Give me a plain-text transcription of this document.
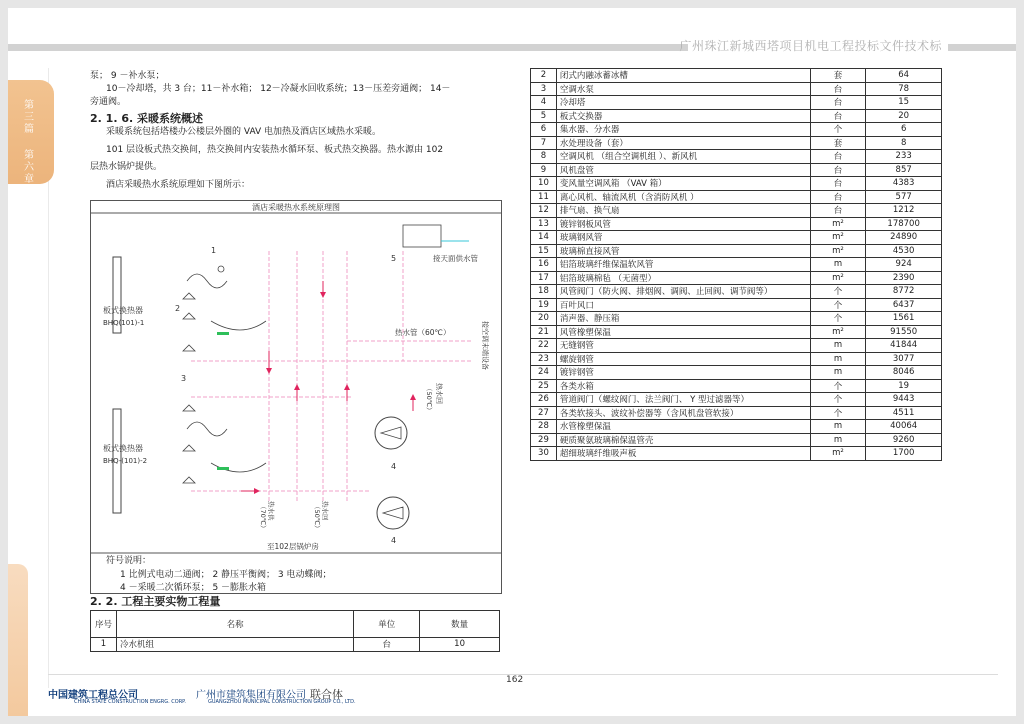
广州珠江新城西塔项目机电工程投标文件技术标
第三篇
第六章
泵； 9 －补水泵；
10－冷却塔，共 3 台；11－补水箱； 12－冷凝水回收系统；13－压差旁通阀； 14－
旁通阀。
2. 1. 6. 采暖系统概述
采暖系统包括塔楼办公楼层外圈的 VAV 电加热及酒店区域热水采暖。
101 层设板式热交换间，热交换间内安装热水循环泵、板式热交换器。热水源由 102
层热水锅炉提供。
酒店采暖热水系统原理如下图所示：
酒店采暖热水系统原理图
板式换热器
BHQ(101)-1
板式换热器
BHQ-(101)-2
接天面供水管
热水管（60℃）	接空调末端设备
热水回
（50℃）
热水供
（70℃）	热水回
（50℃）
至102层锅炉房
1
2
3
4
4
5
符号说明：
1 比例式电动二通阀； 2 静压平衡阀； 3 电动蝶阀；
4 －采暖二次循环泵； 5 －膨胀水箱
2. 2. 工程主要实物工程量
序号	名称	单位	数量
1	冷水机组	台	10
2	闭式内融冰蓄冰槽	套	64
3	空调水泵	台	78
4	冷却塔	台	15
5	板式交换器	台	20
6	集水器、分水器	个	6
7	水处理设备（套）	套	8
8	空调风机 （组合空调机组 ）、新风机	台	233
9	风机盘管	台	857
10	变风量空调风箱 （VAV 箱）	台	4383
11	离心风机、轴流风机（含消防风机 ）	台	577
12	排气扇、换气扇	台	1212
13	镀锌钢板风管	m²	178700
14	玻璃钢风管	m²	24890
15	玻璃棉直接风管	m²	4530
16	铝箔玻璃纤维保温软风管	m	924
17	铝箔玻璃棉毡 （无菌型）	m²	2390
18	风管阀门（防火阀、排烟阀、调阀、止回阀、调节阀等）	个	8772
19	百叶风口	个	6437
20	消声器、静压箱	个	1561
21	风管橡塑保温	m²	91550
22	无缝钢管	m	41844
23	螺旋钢管	m	3077
24	镀锌钢管	m	8046
25	各类水箱	个	19
26	管道阀门（螺纹阀门、法兰阀门、 Y 型过滤器等）	个	9443
27	各类软接头、波纹补偿器等（含风机盘管软接）	个	4511
28	水管橡塑保温	m	40064
29	硬质聚氨玻璃棉保温管壳	m	9260
30	超细玻璃纤维吸声板	m²	1700
162
中国建筑工程总公司
CHINA STATE CONSTRUCTION ENGRG. CORP.
广州市建筑集团有限公司
GUANGZHOU MUNICIPAL CONSTRUCTION GROUP CO., LTD.
联合体
